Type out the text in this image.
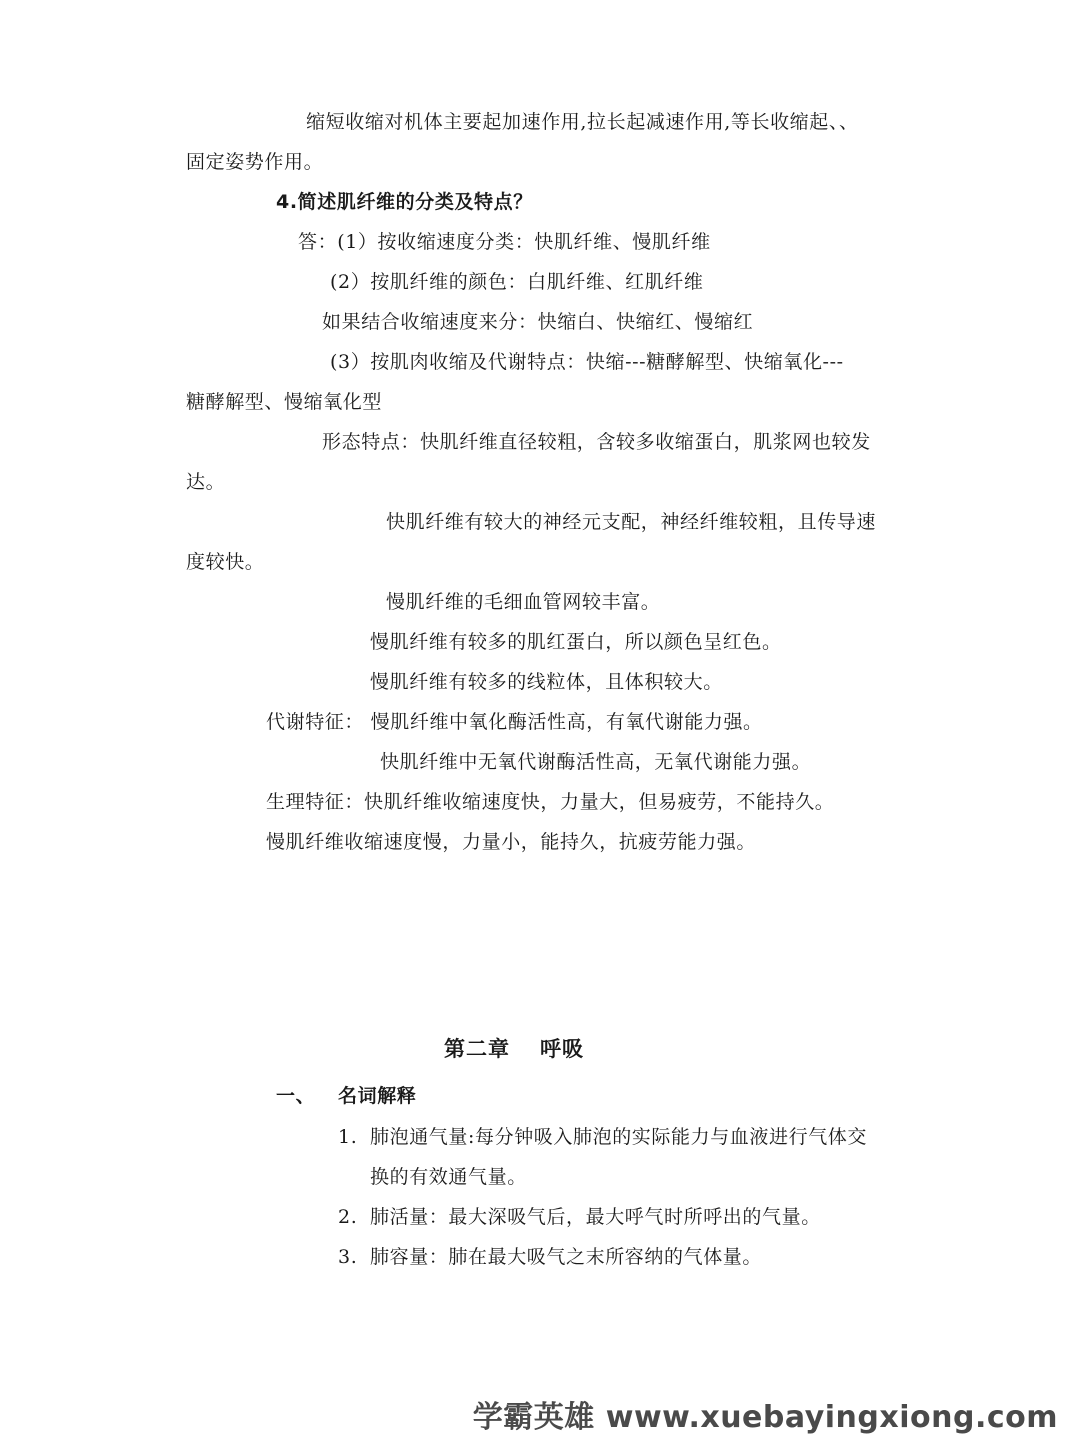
缩短收缩对机体主要起加速作用,拉长起减速作用,等长收缩起、、
固定姿势作用。
4.简述肌纤维的分类及特点？
答：(1）按收缩速度分类：快肌纤维、慢肌纤维
(2）按肌纤维的颜色：白肌纤维、红肌纤维
如果结合收缩速度来分：快缩白、快缩红、慢缩红
(3）按肌肉收缩及代谢特点：快缩---糖酵解型、快缩氧化---
糖酵解型、慢缩氧化型
形态特点：快肌纤维直径较粗，含较多收缩蛋白，肌浆网也较发
达。
快肌纤维有较大的神经元支配，神经纤维较粗，且传导速
度较快。
慢肌纤维的毛细血管网较丰富。
慢肌纤维有较多的肌红蛋白，所以颜色呈红色。
慢肌纤维有较多的线粒体，且体积较大。
代谢特征： 慢肌纤维中氧化酶活性高，有氧代谢能力强。
快肌纤维中无氧代谢酶活性高，无氧代谢能力强。
生理特征：快肌纤维收缩速度快，力量大，但易疲劳，不能持久。
慢肌纤维收缩速度慢，力量小，能持久，抗疲劳能力强。
第二章 呼吸
一、 名词解释
1. 肺泡通气量:每分钟吸入肺泡的实际能力与血液进行气体交
换的有效通气量。
2. 肺活量：最大深吸气后，最大呼气时所呼出的气量。
3. 肺容量：肺在最大吸气之末所容纳的气体量。
学霸英雄 www.xuebayingxiong.com
